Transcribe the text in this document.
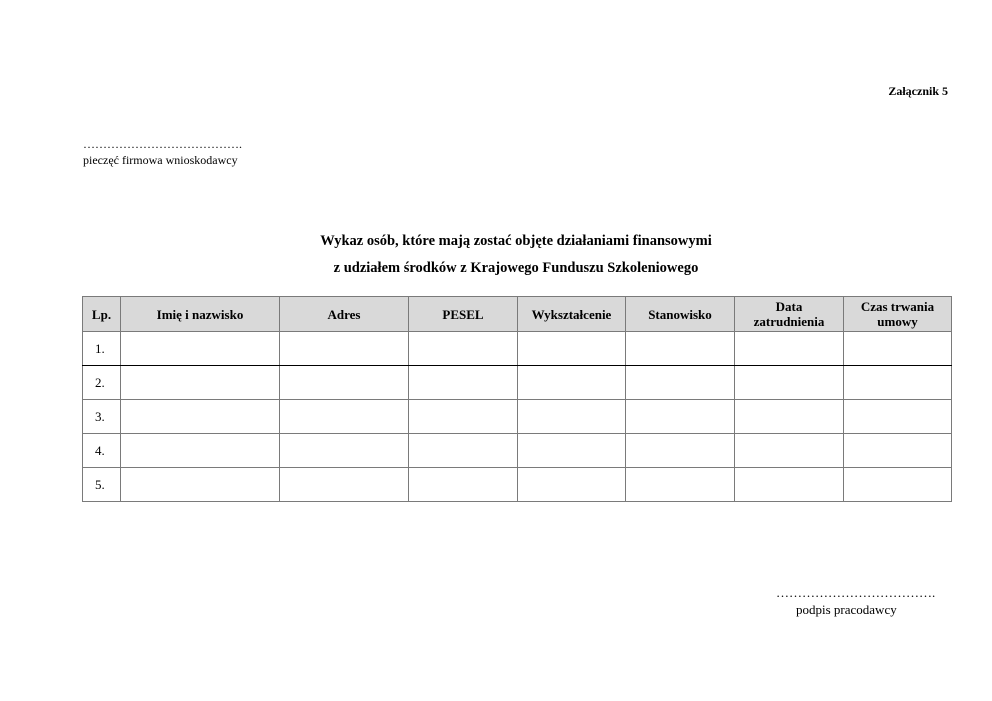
Załącznik 5
………………………………….
pieczęć firmowa wnioskodawcy
Wykaz osób, które mają zostać objęte działaniami finansowymi
z udziałem środków z Krajowego Funduszu Szkoleniowego
Lp.	Imię i nazwisko	Adres	PESEL	Wykształcenie	Stanowisko	Data zatrudnienia	Czas trwania umowy
1.							
2.							
3.							
4.							
5.							
……………………………….
podpis pracodawcy
